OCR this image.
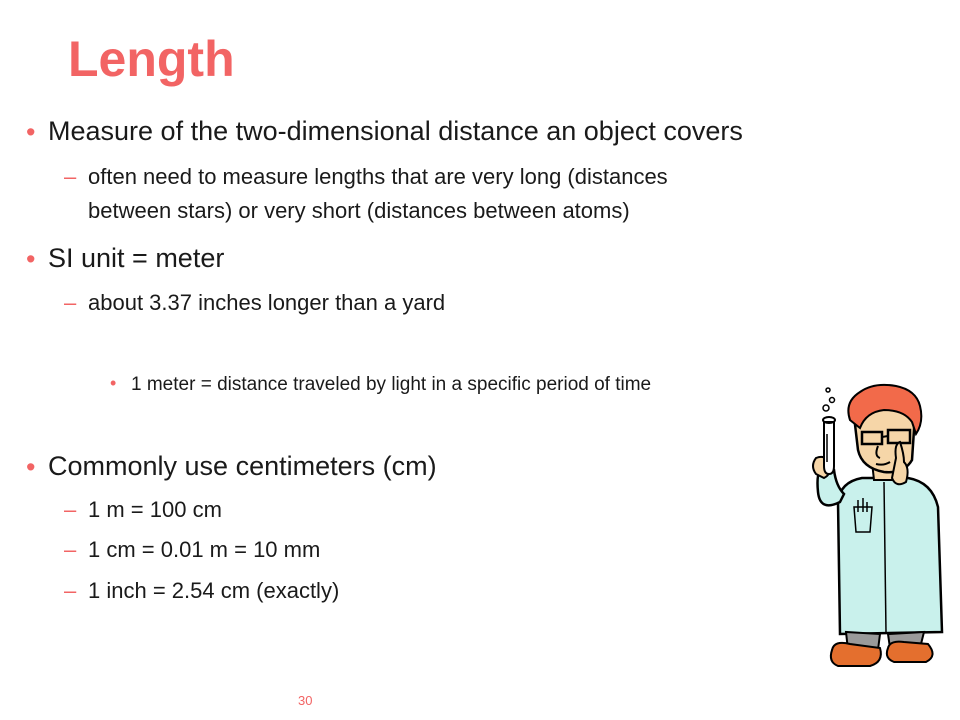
Length
• Measure of the two-dimensional distance an object covers
– often need to measure lengths that are very long (distances
between stars) or very short (distances between atoms)
• SI unit = meter
– about 3.37 inches longer than a yard
• 1 meter = distance traveled by light in a specific period of time
• Commonly use centimeters (cm)
– 1 m = 100 cm
– 1 cm = 0.01 m = 10 mm
– 1 inch = 2.54 cm (exactly)
30
